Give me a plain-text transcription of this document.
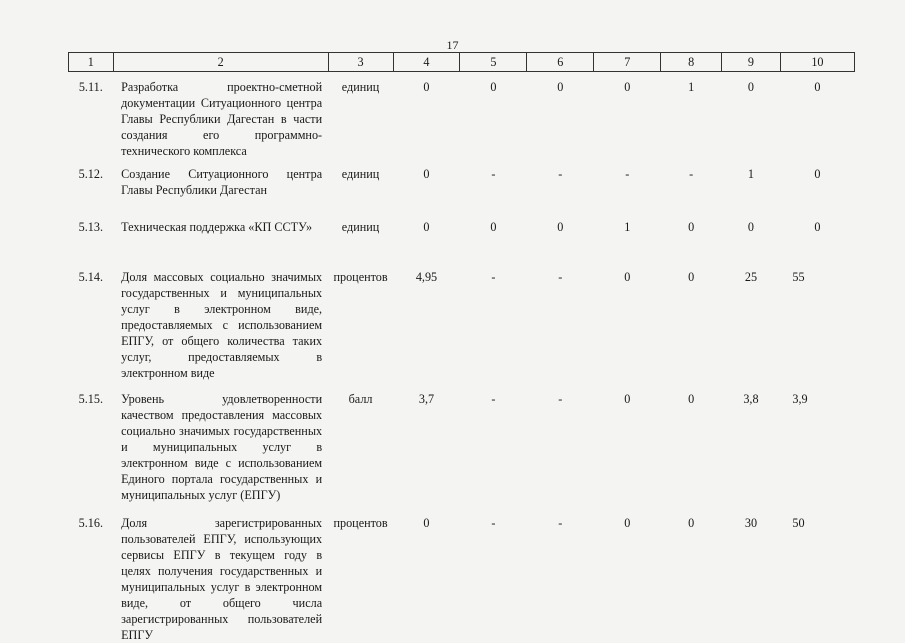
17
1	2	3	4	5	6	7	8	9	10
5.11.	Разработка проектно-сметной документации Ситуационного центра Главы Республики Дагестан в части создания его программно-технического комплекса	единиц	0	0	0	0	1	0	0
5.12.	Создание Ситуационного центра Главы Республики Дагестан	единиц	0	-	-	-	-	1	0
5.13.	Техническая поддержка «КП ССТУ»	единиц	0	0	0	1	0	0	0
5.14.	Доля массовых социально значимых государственных и муниципальных услуг в электронном виде, предоставляемых с использованием ЕПГУ, от общего количества таких услуг, предоставляемых в электронном виде	процентов	4,95	-	-	0	0	25	55
5.15.	Уровень удовлетворенности качеством предоставления массовых социально значимых государственных и муниципальных услуг в электронном виде с использованием Единого портала государственных и муниципальных услуг (ЕПГУ)	балл	3,7	-	-	0	0	3,8	3,9
5.16.	Доля зарегистрированных пользователей ЕПГУ, использующих сервисы ЕПГУ в текущем году в целях получения государственных и муниципальных услуг в электронном виде, от общего числа зарегистрированных пользователей ЕПГУ	процентов	0	-	-	0	0	30	50
